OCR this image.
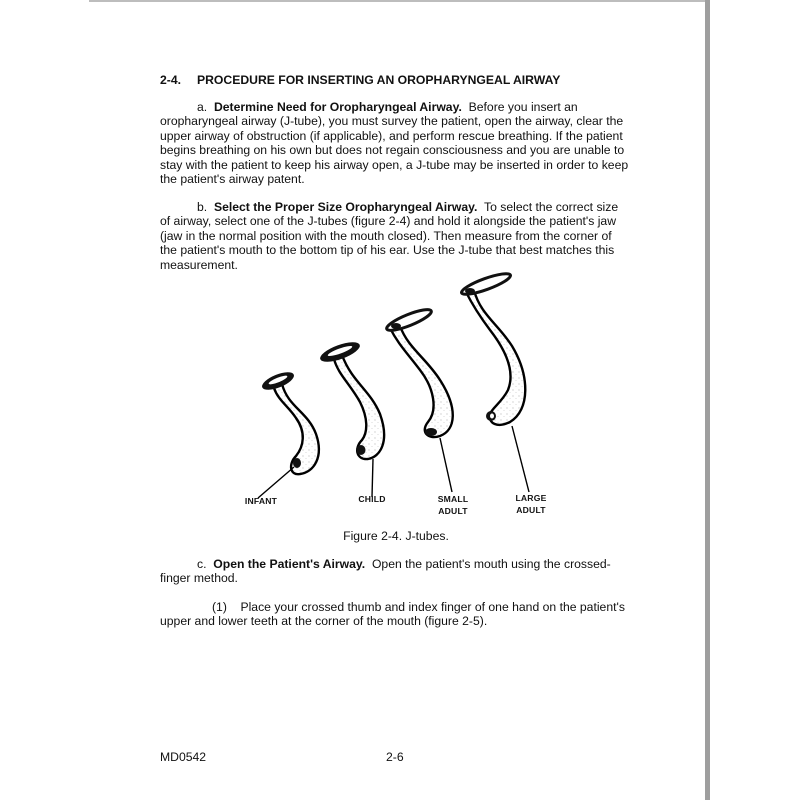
2-4. PROCEDURE FOR INSERTING AN OROPHARYNGEAL AIRWAY

a. Determine Need for Oropharyngeal Airway. Before you insert an oropharyngeal airway (J-tube), you must survey the patient, open the airway, clear the upper airway of obstruction (if applicable), and perform rescue breathing. If the patient begins breathing on his own but does not regain consciousness and you are unable to stay with the patient to keep his airway open, a J-tube may be inserted in order to keep the patient's airway patent.

b. Select the Proper Size Oropharyngeal Airway. To select the correct size of airway, select one of the J-tubes (figure 2-4) and hold it alongside the patient's jaw (jaw in the normal position with the mouth closed). Then measure from the corner of the patient's mouth to the bottom tip of his ear. Use the J-tube that best matches this measurement.

INFANT	CHILD	SMALL
ADULT
LARGE
ADULT
Figure 2-4. J-tubes.

c. Open the Patient's Airway. Open the patient's mouth using the crossed-finger method.

(1) Place your crossed thumb and index finger of one hand on the patient's upper and lower teeth at the corner of the mouth (figure 2-5).

MD0542	2-6
